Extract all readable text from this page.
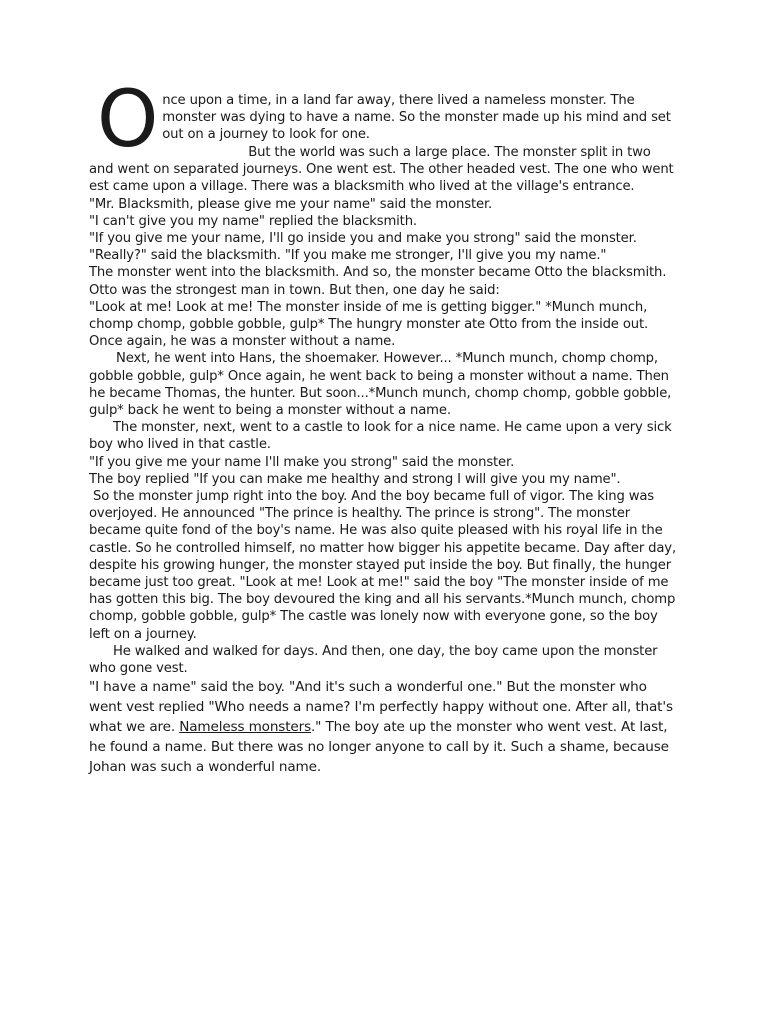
O nce upon a time, in a land far away, there lived a nameless monster. The monster was dying to have a name. So the monster made up his mind and set out on a journey to look for one.

But the world was such a large place. The monster split in two and went on separated journeys. One went est. The other headed vest. The one who went est came upon a village. There was a blacksmith who lived at the village's entrance.

"Mr. Blacksmith, please give me your name" said the monster.

"I can't give you my name" replied the blacksmith.

"If you give me your name, I'll go inside you and make you strong" said the monster.

"Really?" said the blacksmith. "If you make me stronger, I'll give you my name."

The monster went into the blacksmith. And so, the monster became Otto the blacksmith. Otto was the strongest man in town. But then, one day he said:

"Look at me! Look at me! The monster inside of me is getting bigger." *Munch munch, chomp chomp, gobble gobble, gulp* The hungry monster ate Otto from the inside out. Once again, he was a monster without a name.

Next, he went into Hans, the shoemaker. However... *Munch munch, chomp chomp, gobble gobble, gulp* Once again, he went back to being a monster without a name. Then he became Thomas, the hunter. But soon...*Munch munch, chomp chomp, gobble gobble, gulp* back he went to being a monster without a name.

The monster, next, went to a castle to look for a nice name. He came upon a very sick boy who lived in that castle.

"If you give me your name I'll make you strong" said the monster.

The boy replied "If you can make me healthy and strong I will give you my name".

So the monster jump right into the boy. And the boy became full of vigor. The king was overjoyed. He announced "The prince is healthy. The prince is strong". The monster became quite fond of the boy's name. He was also quite pleased with his royal life in the castle. So he controlled himself, no matter how bigger his appetite became. Day after day, despite his growing hunger, the monster stayed put inside the boy. But finally, the hunger became just too great. "Look at me! Look at me!" said the boy "The monster inside of me has gotten this big. The boy devoured the king and all his servants.*Munch munch, chomp chomp, gobble gobble, gulp* The castle was lonely now with everyone gone, so the boy left on a journey.

He walked and walked for days. And then, one day, the boy came upon the monster who gone vest.

"I have a name" said the boy. "And it's such a wonderful one." But the monster who went vest replied "Who needs a name? I'm perfectly happy without one. After all, that's what we are. Nameless monsters." The boy ate up the monster who went vest. At last, he found a name. But there was no longer anyone to call by it. Such a shame, because Johan was such a wonderful name.
